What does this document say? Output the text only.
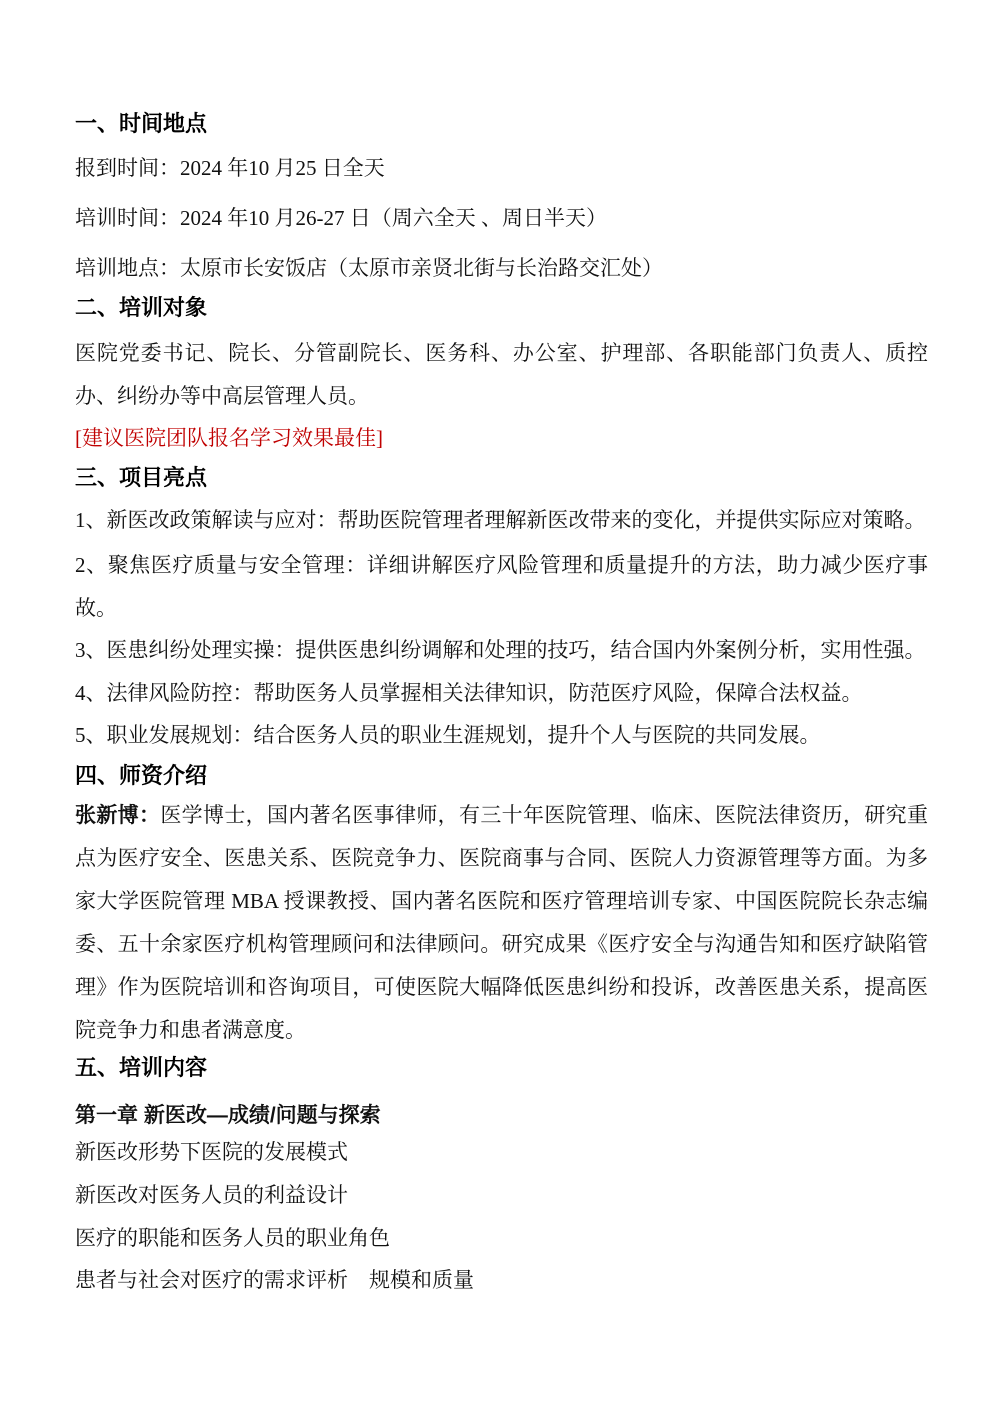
一、时间地点

报到时间：2024 年10 月25 日全天

培训时间：2024 年10 月26-27 日（周六全天 、周日半天）

培训地点：太原市长安饭店（太原市亲贤北街与长治路交汇处）

二、培训对象

医院党委书记、院长、分管副院长、医务科、办公室、护理部、各职能部门负责人、质控办、纠纷办等中高层管理人员。

[建议医院团队报名学习效果最佳]

三、项目亮点

1、新医改政策解读与应对：帮助医院管理者理解新医改带来的变化，并提供实际应对策略。

2、聚焦医疗质量与安全管理：详细讲解医疗风险管理和质量提升的方法，助力减少医疗事故。

3、医患纠纷处理实操：提供医患纠纷调解和处理的技巧，结合国内外案例分析，实用性强。

4、法律风险防控：帮助医务人员掌握相关法律知识，防范医疗风险，保障合法权益。

5、职业发展规划：结合医务人员的职业生涯规划，提升个人与医院的共同发展。

四、师资介绍

张新博：医学博士，国内著名医事律师，有三十年医院管理、临床、医院法律资历，研究重点为医疗安全、医患关系、医院竞争力、医院商事与合同、医院人力资源管理等方面。为多家大学医院管理 MBA 授课教授、国内著名医院和医疗管理培训专家、中国医院院长杂志编委、五十余家医疗机构管理顾问和法律顾问。研究成果《医疗安全与沟通告知和医疗缺陷管理》作为医院培训和咨询项目，可使医院大幅降低医患纠纷和投诉，改善医患关系，提高医院竞争力和患者满意度。

五、培训内容

第一章 新医改—成绩/问题与探索

新医改形势下医院的发展模式

新医改对医务人员的利益设计

医疗的职能和医务人员的职业角色

患者与社会对医疗的需求评析　规模和质量
